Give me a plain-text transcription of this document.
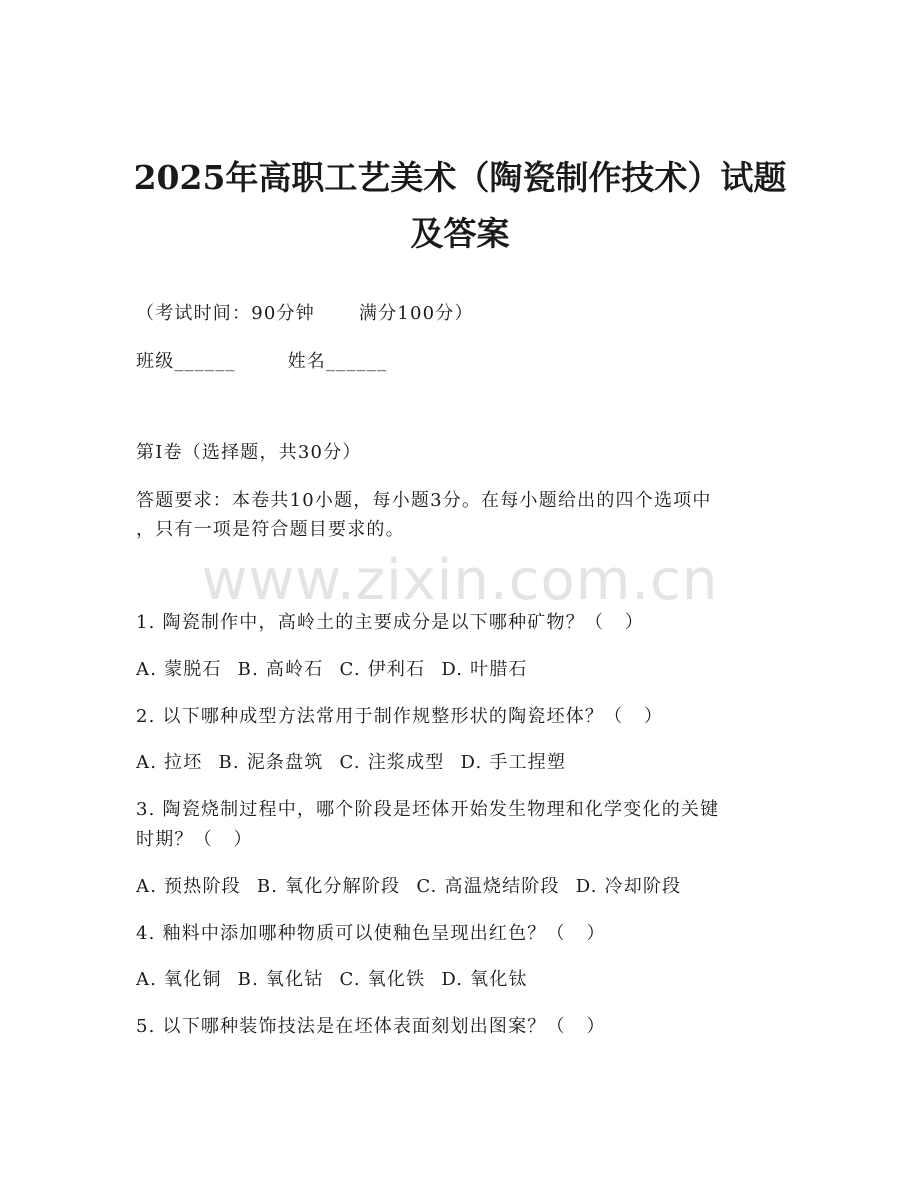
2025年高职工艺美术（陶瓷制作技术）试题
及答案
（考试时间：90分钟 满分100分）
班级______	姓名______
第I卷（选择题，共30分）
答题要求：本卷共10小题，每小题3分。在每小题给出的四个选项中
，只有一项是符合题目要求的。
www.zixin.com.cn
1. 陶瓷制作中，高岭土的主要成分是以下哪种矿物？（   ）
A. 蒙脱石 B. 高岭石 C. 伊利石 D. 叶腊石
2. 以下哪种成型方法常用于制作规整形状的陶瓷坯体？（   ）
A. 拉坯 B. 泥条盘筑 C. 注浆成型 D. 手工捏塑
3. 陶瓷烧制过程中，哪个阶段是坯体开始发生物理和化学变化的关键
时期？（   ）
A. 预热阶段 B. 氧化分解阶段 C. 高温烧结阶段 D. 冷却阶段
4. 釉料中添加哪种物质可以使釉色呈现出红色？（   ）
A. 氧化铜 B. 氧化钴 C. 氧化铁 D. 氧化钛
5. 以下哪种装饰技法是在坯体表面刻划出图案？（   ）
